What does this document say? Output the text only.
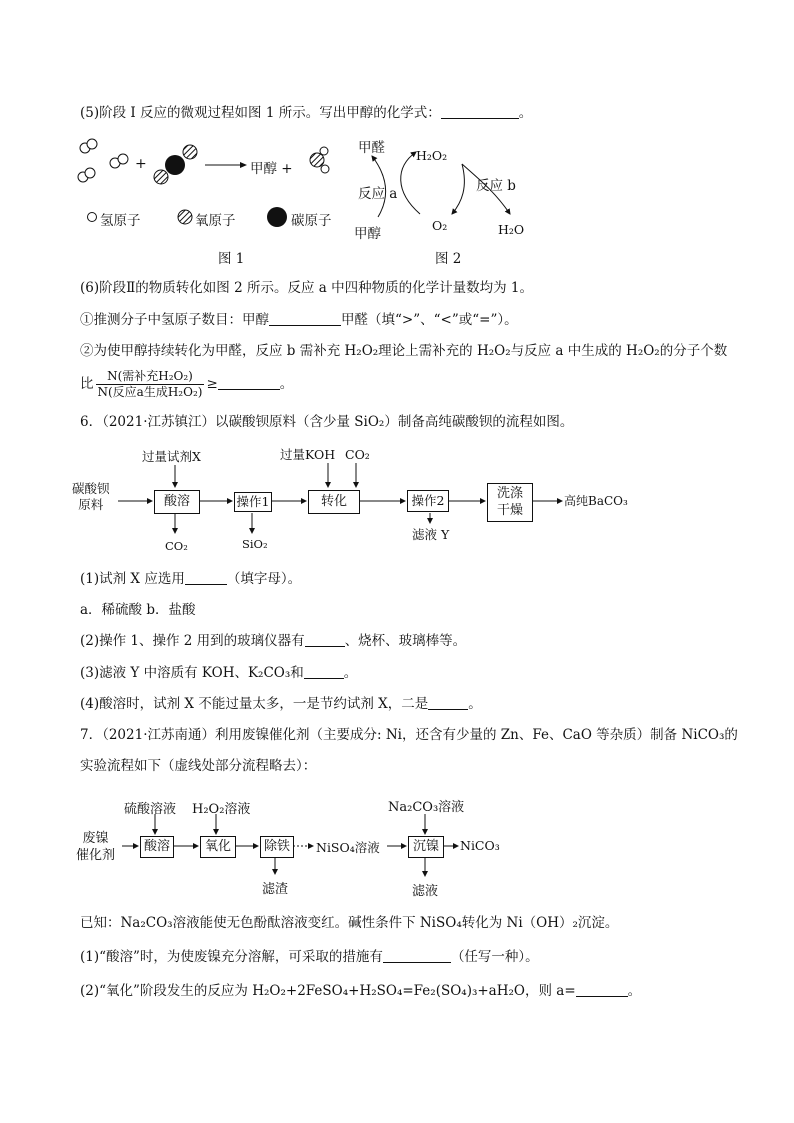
(5)阶段 I 反应的微观过程如图 1 所示。写出甲醇的化学式：	。
+	甲醇 +
氢原子	氧原子	碳原子
图 1
甲醛 H₂O₂
反应 a	反应 b
甲醇
O₂	H₂O
图 2
(6)阶段Ⅱ的物质转化如图 2 所示。反应 a 中四种物质的化学计量数均为 1。
①推测分子中氢原子数目：甲醇	甲醛（填“>”、“<”或“=”）。
②为使甲醇持续转化为甲醛，反应 b 需补充 H₂O₂理论上需补充的 H₂O₂与反应 a 中生成的 H₂O₂的分子个数
比 $\frac{\text{N(需补充H₂O₂)}}{\text{N(反应a生成H₂O₂)}}$ ≥	。
6．（2021·江苏镇江）以碳酸钡原料（含少量 SiO₂）制备高纯碳酸钡的流程如图。
过量试剂X	过量KOH CO₂
碳酸钡
原料	酸溶	操作1	转化	操作2	洗涤
干燥
高纯BaCO₃
CO₂	SiO₂
滤液 Y
(1)试剂 X 应选用	（填字母）。
a．稀硫酸 b．盐酸
(2)操作 1、操作 2 用到的玻璃仪器有	、烧杯、玻璃棒等。
(3)滤液 Y 中溶质有 KOH、K₂CO₃和	。
(4)酸溶时，试剂 X 不能过量太多，一是节约试剂 X，二是	。
7．（2021·江苏南通）利用废镍催化剂（主要成分: Ni，还含有少量的 Zn、Fe、CaO 等杂质）制备 NiCO₃的
实验流程如下（虚线处部分流程略去）：
硫酸溶液 H₂O₂溶液	Na₂CO₃溶液
废镍
催化剂
酸溶	氧化	除铁	NiSO₄溶液	沉镍	NiCO₃
滤渣	滤液
已知：Na₂CO₃溶液能使无色酚酞溶液变红。碱性条件下 NiSO₄转化为 Ni（OH）₂沉淀。
(1)“酸溶”时，为使废镍充分溶解，可采取的措施有	（任写一种）。
(2)“氧化”阶段发生的反应为 H₂O₂+2FeSO₄+H₂SO₄=Fe₂(SO₄)₃+aH₂O，则 a=	。
